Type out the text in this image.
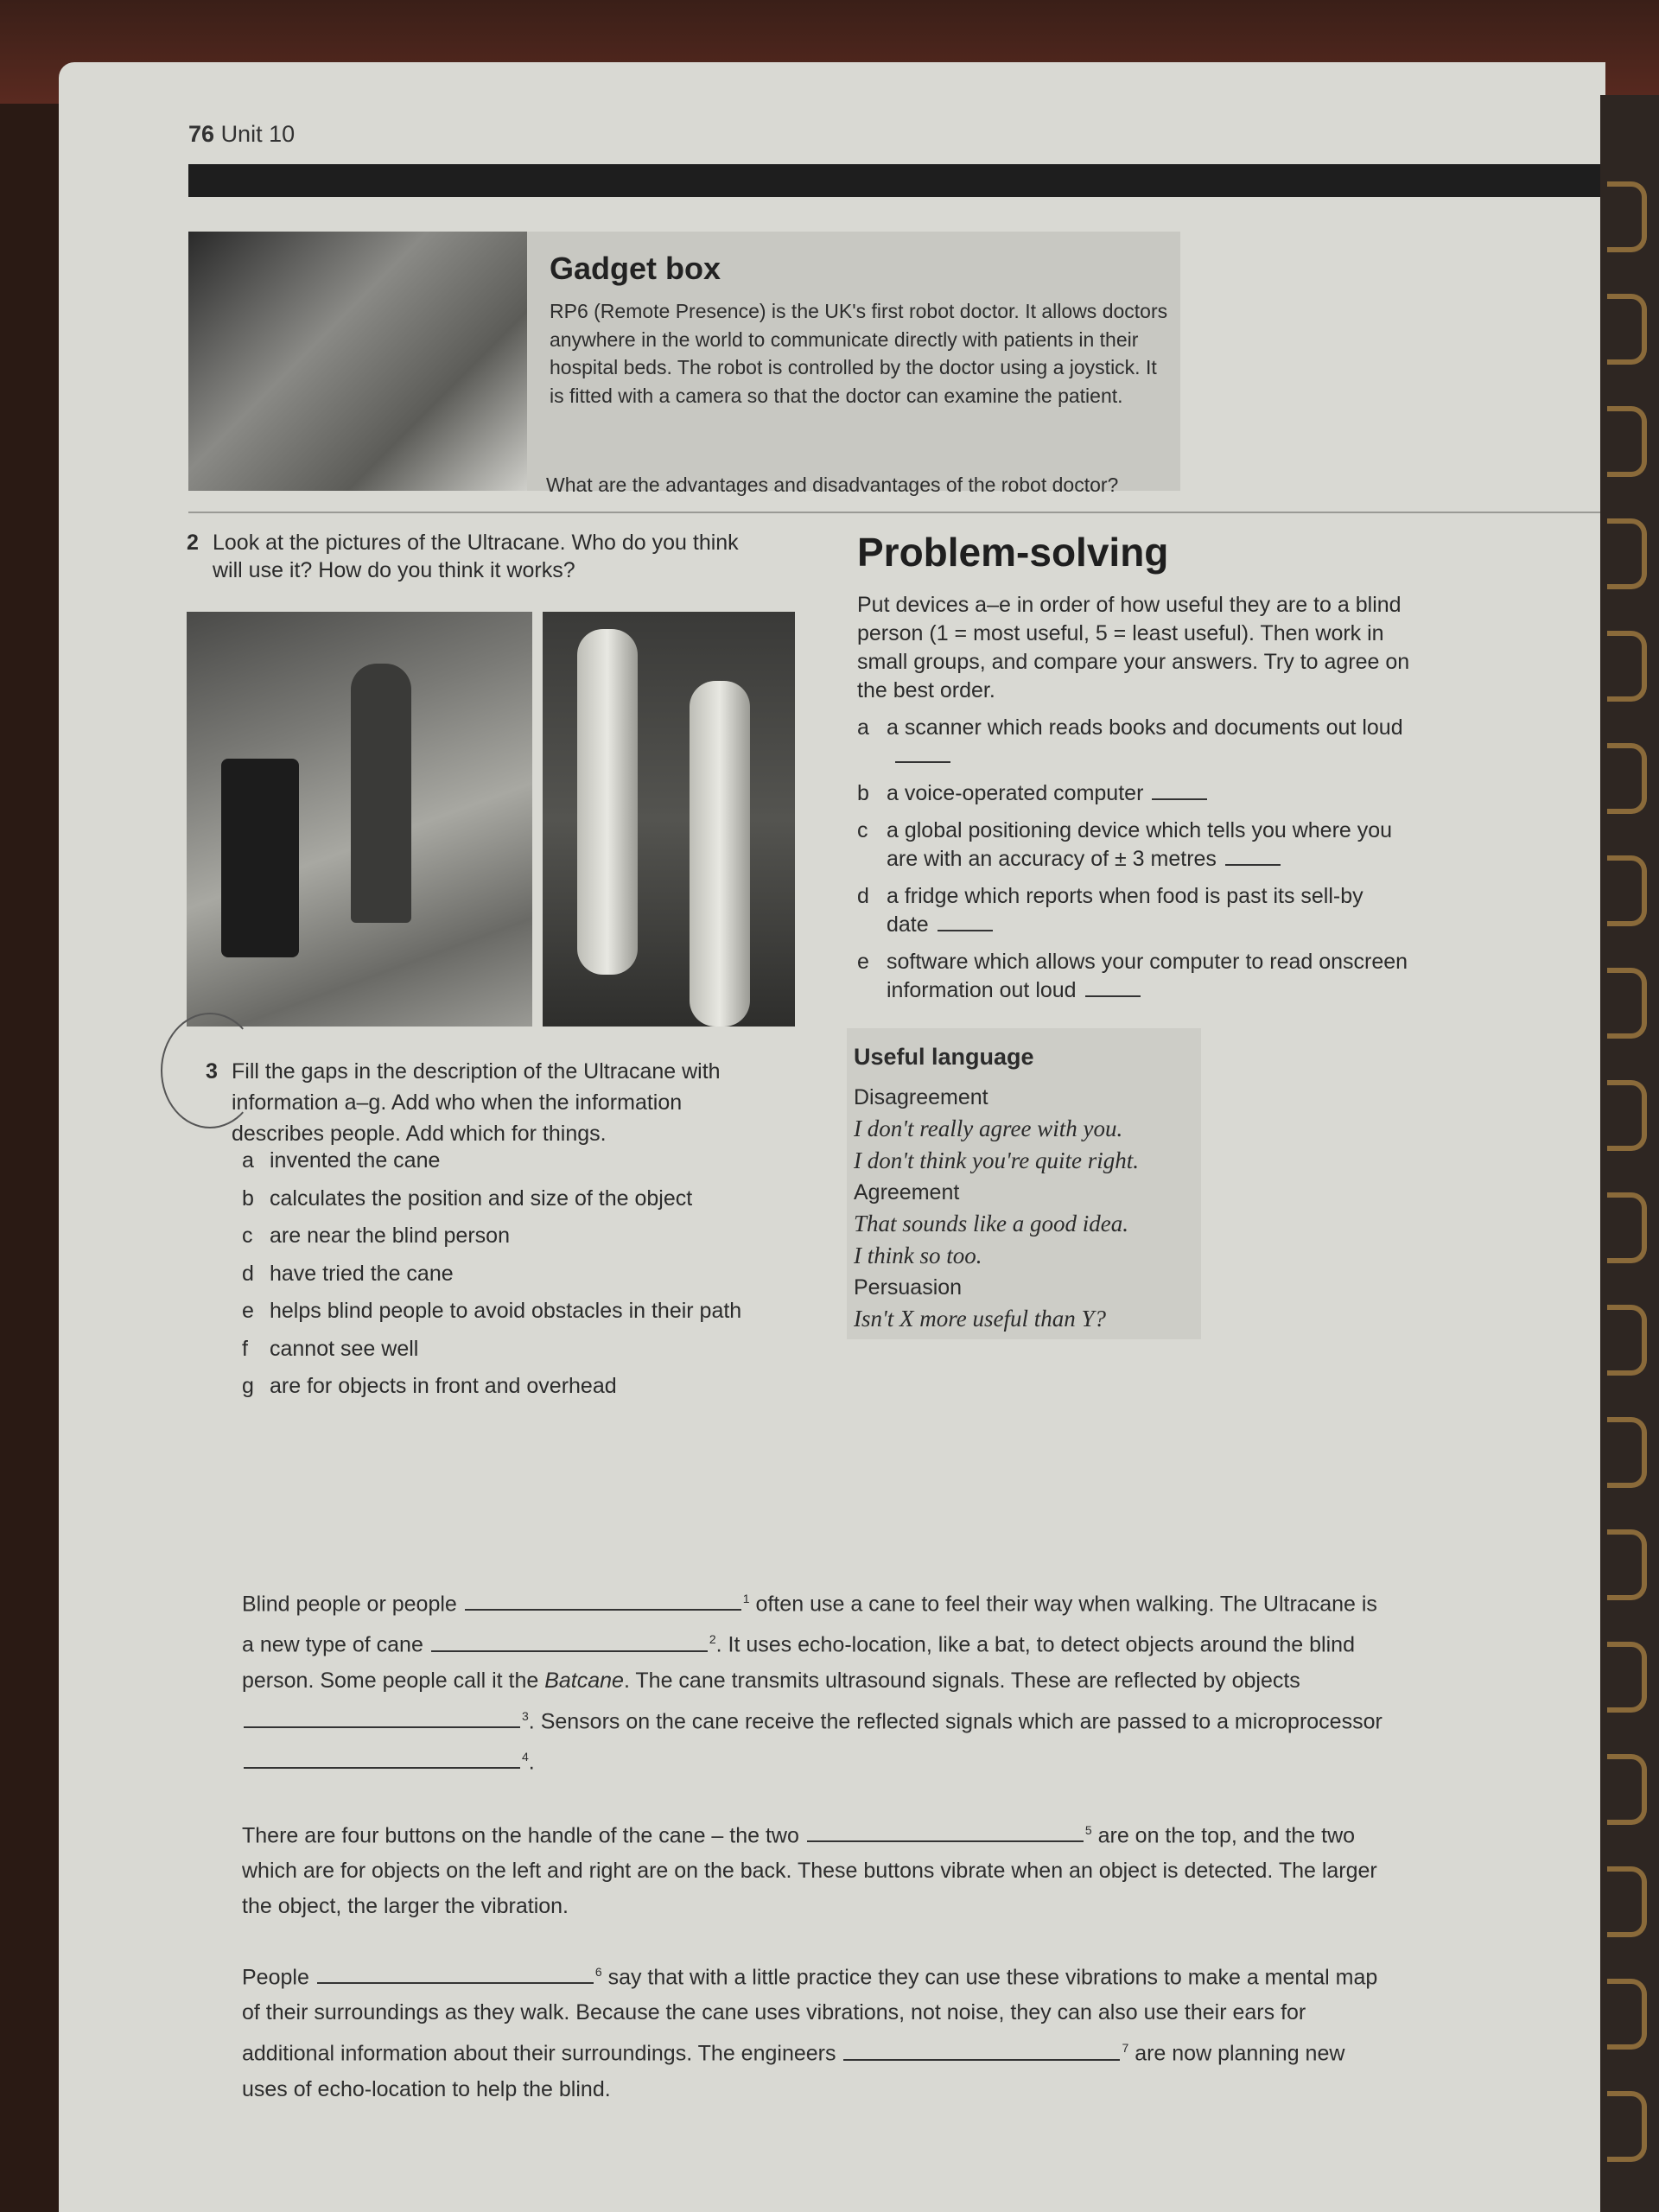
76 Unit 10
Gadget box
RP6 (Remote Presence) is the UK's first robot doctor. It allows doctors anywhere in the world to communicate directly with patients in their hospital beds. The robot is controlled by the doctor using a joystick. It is fitted with a camera so that the doctor can examine the patient.
What are the advantages and disadvantages of the robot doctor?
2 Look at the pictures of the Ultracane. Who do you think
will use it? How do you think it works?	Problem-solving
Put devices a–e in order of how useful they are to a blind person (1 = most useful, 5 = least useful). Then work in small groups, and compare your answers. Try to agree on the best order.
a a scanner which reads books and documents out loud
b a voice-operated computer
c a global positioning device which tells you where you are with an accuracy of ± 3 metres
d a fridge which reports when food is past its sell-by date
e software which allows your computer to read onscreen information out loud
Useful language
Disagreement
I don't really agree with you.
I don't think you're quite right.
Agreement
That sounds like a good idea.
I think so too.
Persuasion
Isn't X more useful than Y?
3 Fill the gaps in the description of the Ultracane with
information a–g. Add who when the information
describes people. Add which for things.
a invented the cane
b calculates the position and size of the object
c are near the blind person
d have tried the cane
e helps blind people to avoid obstacles in their path
f cannot see well
g are for objects in front and overhead
Blind people or people	$^1$ often use a cane to feel their way when walking. The Ultracane is a new type of cane	$^2$. It uses echo-location, like a bat, to detect objects around the blind person. Some people call it the Batcane. The cane transmits ultrasound signals. These are reflected by objects $^3$. Sensors on the cane receive the reflected signals which are passed to a microprocessor $^4$.
There are four buttons on the handle of the cane – the two	$^5$ are on the top, and the two which are for objects on the left and right are on the back. These buttons vibrate when an object is detected. The larger the object, the larger the vibration.
People	$^6$ say that with a little practice they can use these vibrations to make a mental map of their surroundings as they walk. Because the cane uses vibrations, not noise, they can also use their ears for additional information about their surroundings. The engineers	$^7$ are now planning new uses of echo-location to help the blind.
